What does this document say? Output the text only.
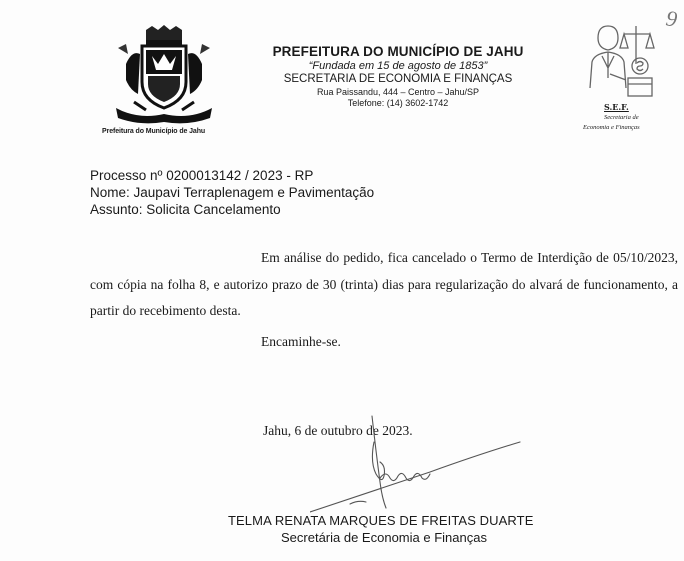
Prefeitura do Município de Jahu
PREFEITURA DO MUNICÍPIO DE JAHU
“Fundada em 15 de agosto de 1853”
SECRETARIA DE ECONOMIA E FINANÇAS
Rua Paissandu, 444 – Centro – Jahu/SP
Telefone: (14) 3602-1742	S.E.F.
Secretaria de
Economia e Finanças
9
Processo nº 0200013142 / 2023 - RP
Nome: Jaupavi Terraplenagem e Pavimentação
Assunto: Solicita Cancelamento
Em análise do pedido, fica cancelado o Termo de Interdição de 05/10/2023, com cópia na folha 8, e autorizo prazo de 30 (trinta) dias para regularização do alvará de funcionamento, a partir do recebimento desta.
Encaminhe-se.
Jahu, 6 de outubro de 2023.
TELMA RENATA MARQUES DE FREITAS DUARTE
Secretária de Economia e Finanças
